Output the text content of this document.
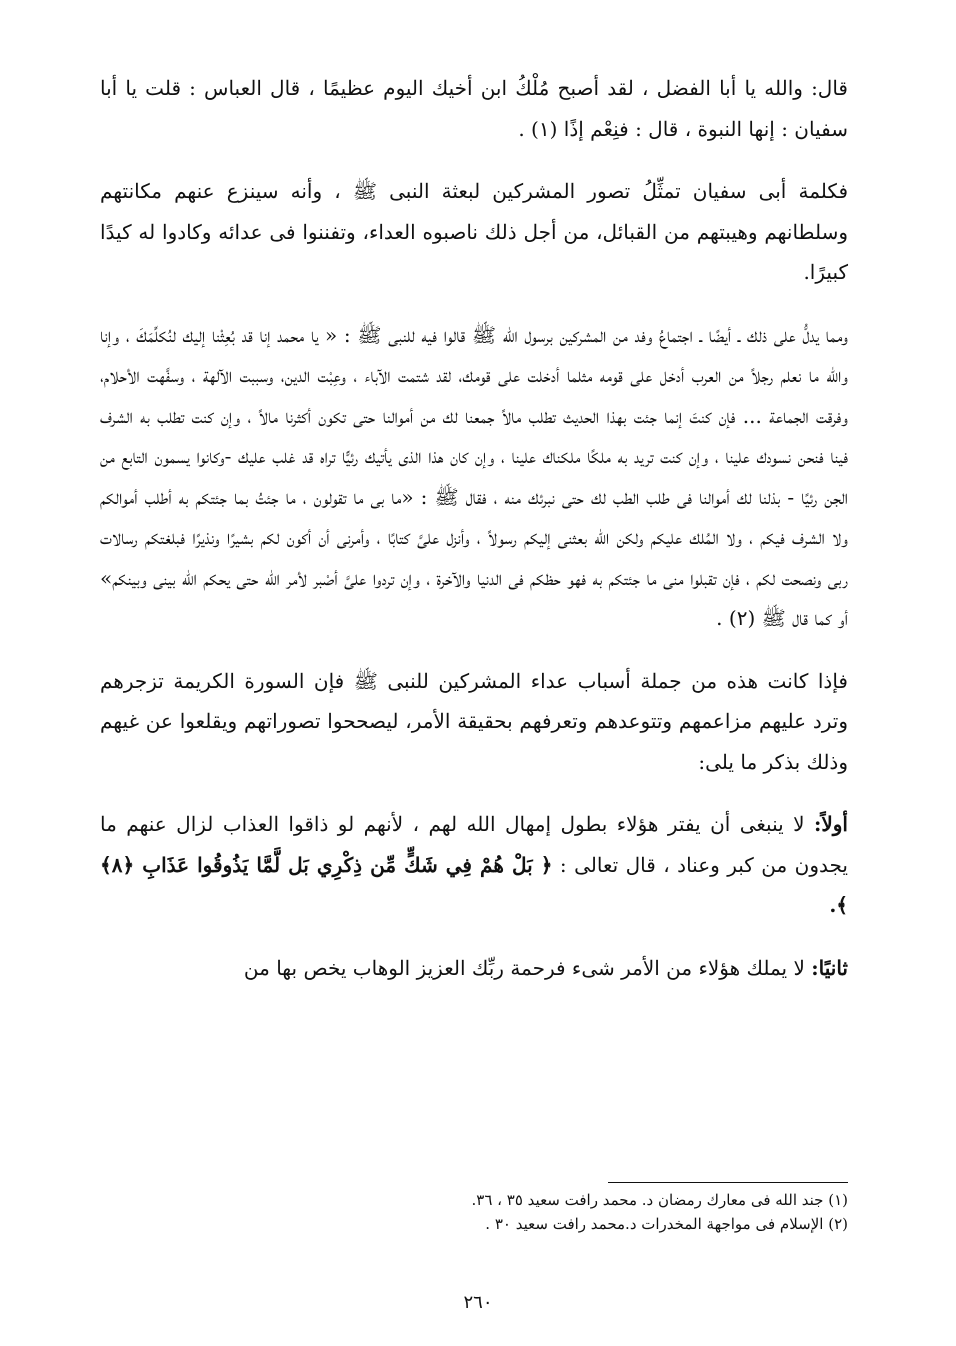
قال: والله يا أبا الفضل ، لقد أصبح مُلْكُ ابن أخيك اليوم عظيمًا ، قال العباس : قلت يا أبا سفيان : إنها النبوة ، قال : فنِعْم إذًا (١) .

فكلمة أبى سفيان تمثِّلُ تصور المشركين لبعثة النبى ﷺ ، وأنه سينزع عنهم مكانتهم وسلطانهم وهيبتهم من القبائل، من أجل ذلك ناصبوه العداء، وتفننوا فى عدائه وكادوا له كيدًا كبيرًا.

ومما يدلُّ على ذلك ـ أيضًا ـ اجتماعُ وفد من المشركين برسول الله ﷺ قالوا فيه للنبى ﷺ : « يا محمد إنا قد بُعِثْنا إليك لنُكلِّمَكَ ، وإنا والله ما نعلم رجلاً من العرب أدخل على قومه مثلما أدخلت على قومك، لقد شتمت الآباء ، وعِبْت الدين، وسببت الآلهة ، وسفَّهت الأحلام، وفرقت الجماعة ... فإن كنتَ إنما جئت بهذا الحديث تطلب مالاً جمعنا لك من أموالنا حتى تكون أكثرنا مالاً ، وإن كنت تطلب به الشرف فينا فنحن نسودك علينا ، وإن كنت تريد به ملكًا ملكناك علينا ، وإن كان هذا الذى يأتيك رئيًّا تراه قد غلب عليك -وكانوا يسمون التابع من الجن رئيًا - بذلنا لك أموالنا فى طلب الطب لك حتى نبرئك منه ، فقال ﷺ : «ما بى ما تقولون ، ما جئتُ بما جئتكم به أطلب أموالكم ولا الشرف فيكم ، ولا المُلك عليكم ولكن الله بعثنى إليكم رسولاً ، وأنزل علىَّ كتابًا ، وأمرنى أن أكون لكم بشيرًا ونذيرًا فبلغتكم رسالات ربى ونصحت لكم ، فإن تقبلوا منى ما جئتكم به فهو حظكم فى الدنيا والآخرة ، وإن تردوا علىَّ أصْبر لأمر الله حتى يحكم الله بينى وبينكم» أو كما قال ﷺ (٢) .

فإذا كانت هذه من جملة أسباب عداء المشركين للنبى ﷺ فإن السورة الكريمة تزجرهم وترد عليهم مزاعمهم وتتوعدهم وتعرفهم بحقيقة الأمر، ليصححوا تصوراتهم ويقلعوا عن غيهم وذلك بذكر ما يلى:

أولاً: لا ينبغى أن يفتر هؤلاء بطول إمهال الله لهم ، لأنهم لو ذاقوا العذاب لزال عنهم ما يجدون من كبر وعناد ، قال تعالى : ﴿ بَلْ هُمْ فِي شَكٍّ مِّن ذِكْرِي بَل لَّمَّا يَذُوقُوا عَذَابِ ﴿٨﴾ ﴾.

ثانيًا: لا يملك هؤلاء من الأمر شىء فرحمة ربِّك العزيز الوهاب يخص بها من

(١) جند الله فى معارك رمضان د. محمد رافت سعيد ٣٥ ، ٣٦.

(٢) الإسلام فى مواجهة المخدرات د.محمد رافت سعيد ٣٠ .

٢٦٠
